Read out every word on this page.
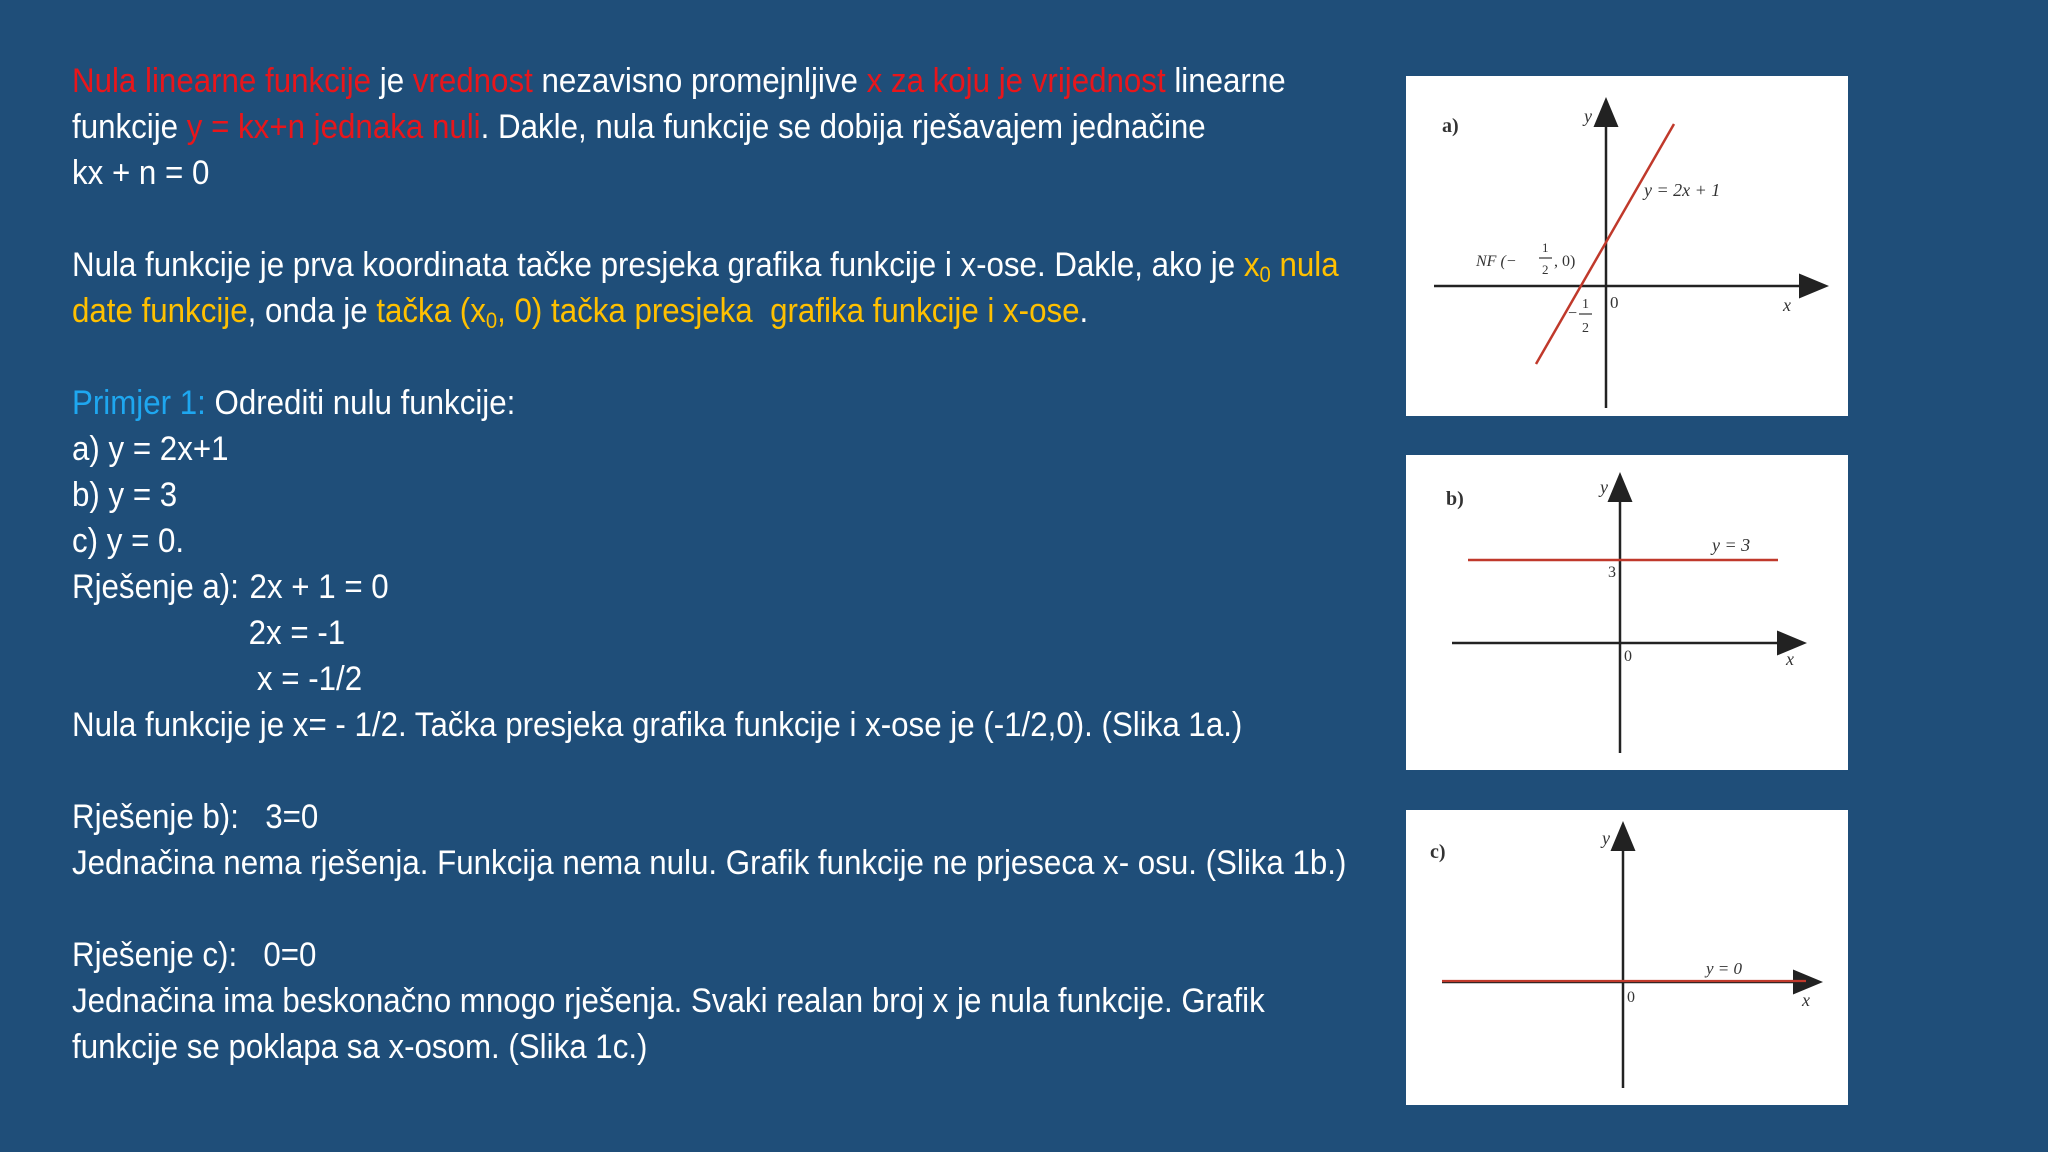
Nula linearne funkcije je vrednost nezavisno promejnljive x za koju je vrijednost linearne
funkcije y = kx+n jednaka nuli. Dakle, nula funkcije se dobija rješavajem jednačine
kx + n = 0
Nula funkcije je prva koordinata tačke presjeka grafika funkcije i x-ose. Dakle, ako je $x_0$ nula
date funkcije, onda je tačka ($x_0$, 0) tačka presjeka  grafika funkcije i x-ose.
Primjer 1: Odrediti nulu funkcije:
a) y = 2x+1
b) y = 3
c) y = 0.
Rješenje a): 2x + 1 = 0
2x = -1
x = -1/2
Nula funkcije je x= - 1/2. Tačka presjeka grafika funkcije i x-ose je (-1/2,0). (Slika 1a.)
Rješenje b): 3=0
Jednačina nema rješenja. Funkcija nema nulu. Grafik funkcije ne prjeseca x- osu. (Slika 1b.)
Rješenje c): 0=0
Jednačina ima beskonačno mnogo rješenja. Svaki realan broj x je nula funkcije. Grafik
funkcije se poklapa sa x-osom. (Slika 1c.)
a)	y
x
0
y = 2x + 1
NF (−
1
2 , 0)
−
1
2
b)
y
x
0
3
y = 3
c)
y
x
0
y = 0
